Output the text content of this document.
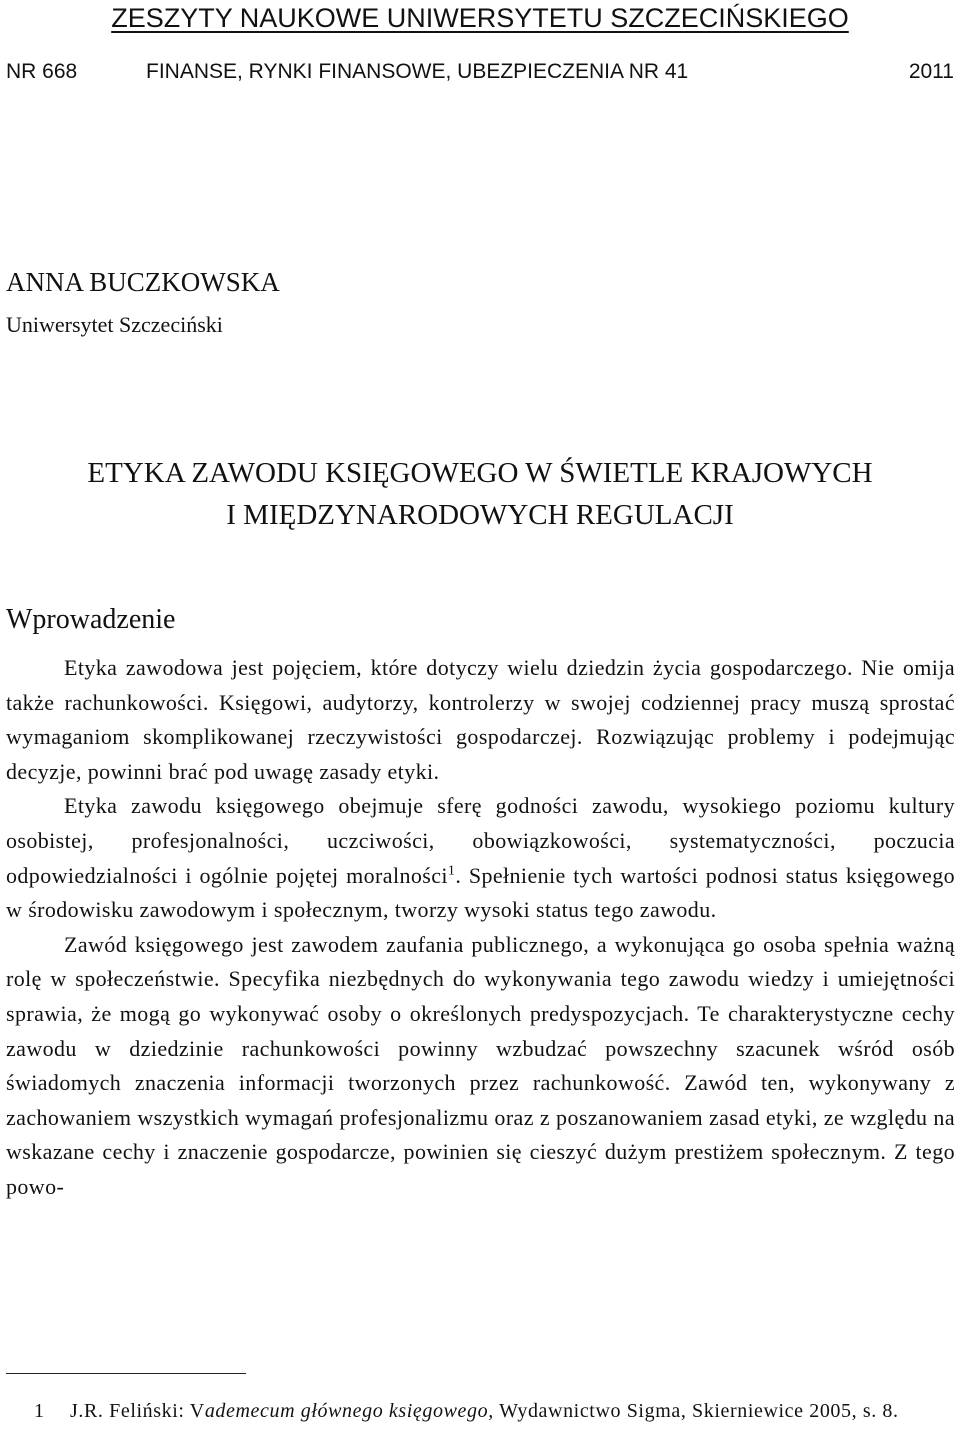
ZESZYTY NAUKOWE UNIWERSYTETU SZCZECIŃSKIEGO
NR 668	FINANSE, RYNKI FINANSOWE, UBEZPIECZENIA NR 41	2011
ANNA BUCZKOWSKA
Uniwersytet Szczeciński
ETYKA ZAWODU KSIĘGOWEGO W ŚWIETLE KRAJOWYCH
I MIĘDZYNARODOWYCH REGULACJI
Wprowadzenie

Etyka zawodowa jest pojęciem, które dotyczy wielu dziedzin życia gospodarczego. Nie omija także rachunkowości. Księgowi, audytorzy, kontrolerzy w swojej codziennej pracy muszą sprostać wymaganiom skomplikowanej rzeczywistości gospodarczej. Rozwiązując problemy i podejmując decyzje, powinni brać pod uwagę zasady etyki.

Etyka zawodu księgowego obejmuje sferę godności zawodu, wysokiego poziomu kultury osobistej, profesjonalności, uczciwości, obowiązkowości, systematyczności, poczucia odpowiedzialności i ogólnie pojętej moralności$^1$. Spełnienie tych wartości podnosi status księgowego w środowisku zawodowym i społecznym, tworzy wysoki status tego zawodu.

Zawód księgowego jest zawodem zaufania publicznego, a wykonująca go osoba spełnia ważną rolę w społeczeństwie. Specyfika niezbędnych do wykonywania tego zawodu wiedzy i umiejętności sprawia, że mogą go wykonywać osoby o określonych predyspozycjach. Te charakterystyczne cechy zawodu w dziedzinie rachunkowości powinny wzbudzać powszechny szacunek wśród osób świadomych znaczenia informacji tworzonych przez rachunkowość. Zawód ten, wykonywany z zachowaniem wszystkich wymagań profesjonalizmu oraz z poszanowaniem zasad etyki, ze względu na wskazane cechy i znaczenie gospodarcze, powinien się cieszyć dużym prestiżem społecznym. Z tego powo-

1 J.R. Feliński: Vademecum głównego księgowego, Wydawnictwo Sigma, Skierniewice 2005, s. 8.
